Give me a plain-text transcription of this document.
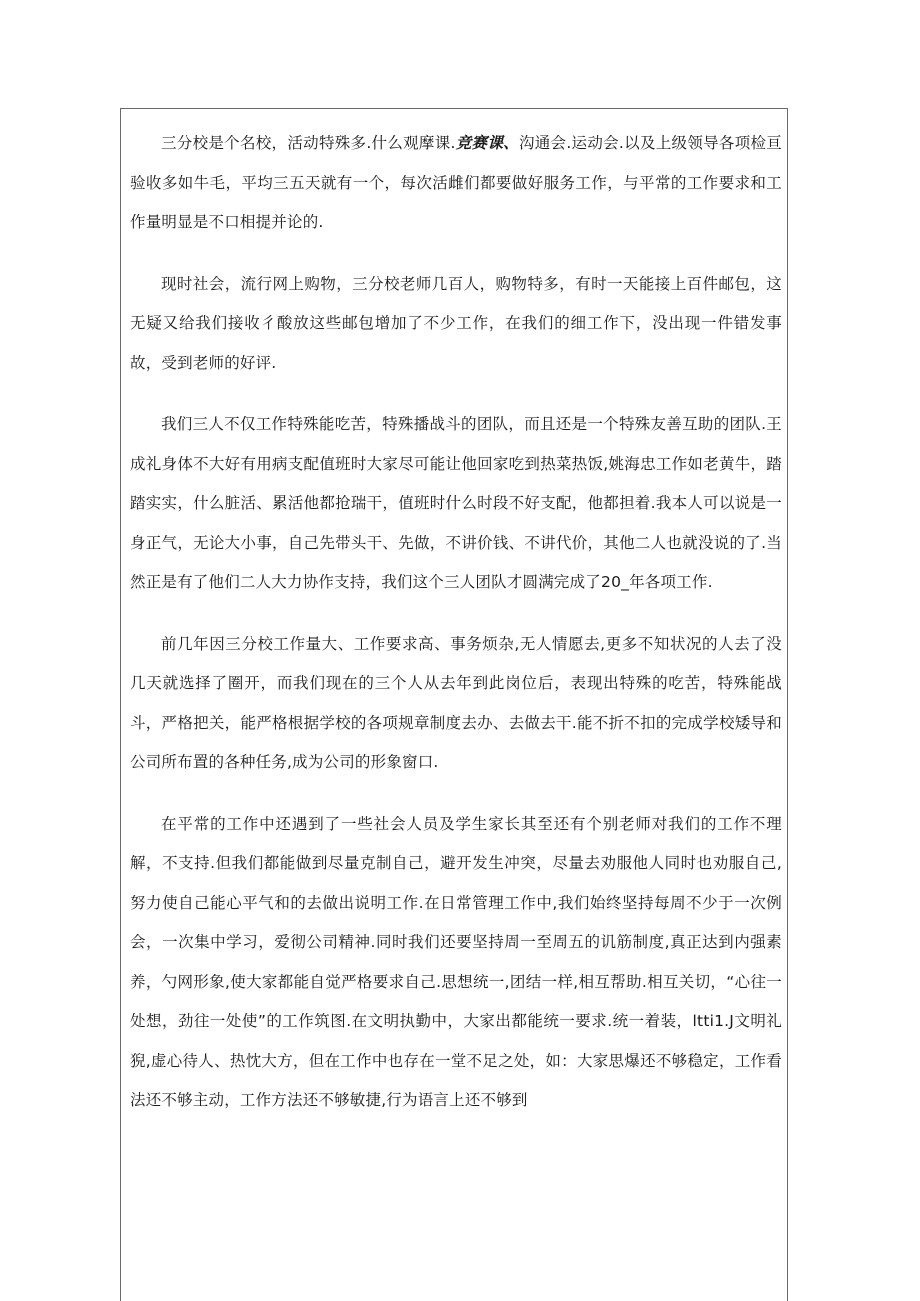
三分校是个名校，活动特殊多.什么观摩课.竞赛课、沟通会.运动会.以及上级领导各项检亘验收多如牛毛，平均三五天就有一个，每次活雌们都要做好服务工作，与平常的工作要求和工作量明显是不口相提并论的.

现时社会，流行网上购物，三分校老师几百人，购物特多，有时一天能接上百件邮包，这无疑又给我们接收彳酸放这些邮包增加了不少工作，在我们的细工作下，没出现一件错发事故，受到老师的好评.

我们三人不仅工作特殊能吃苦，特殊播战斗的团队，而且还是一个特殊友善互助的团队.王成礼身体不大好有用病支配值班时大家尽可能让他回家吃到热菜热饭,姚海忠工作如老黄牛，踏踏实实，什么脏活、累活他都抢瑞干，值班时什么时段不好支配，他都担着.我本人可以说是一身正气，无论大小事，自己先带头干、先做，不讲价钱、不讲代价，其他二人也就没说的了.当然正是有了他们二人大力协作支持，我们这个三人团队才圆满完成了20_年各项工作.

前几年因三分校工作量大、工作要求高、事务烦杂,无人情愿去,更多不知状况的人去了没几天就选择了圈开，而我们现在的三个人从去年到此岗位后，表现出特殊的吃苦，特殊能战斗，严格把关，能严格根据学校的各项规章制度去办、去做去干.能不折不扣的完成学校矮导和公司所布置的各种任务,成为公司的形象窗口.

在平常的工作中还遇到了一些社会人员及学生家长其至还有个别老师对我们的工作不理解，不支持.但我们都能做到尽量克制自己，避开发生冲突，尽量去劝服他人同时也劝服自己,努力使自己能心平气和的去做出说明工作.在日常管理工作中,我们始终坚持每周不少于一次例会，一次集中学习，爱彻公司精神.同时我们还要坚持周一至周五的讥筋制度,真正达到内强素养，勺网形象,使大家都能自觉严格要求自己.思想统一,团结一样,相互帮助.相互关切，“心往一处想，劲往一处使”的工作筑图.在文明执勤中，大家出都能统一要求.统一着装，ltti1.J文明礼猊,虚心待人、热忱大方，但在工作中也存在一堂不足之处，如：大家思爆还不够稳定，工作看法还不够主动，工作方法还不够敏捷,行为语言上还不够到
